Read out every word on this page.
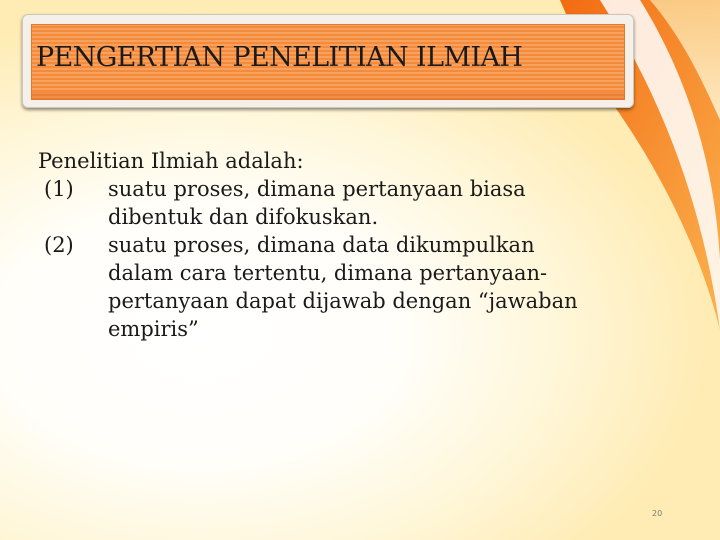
PENGERTIAN PENELITIAN ILMIAH

Penelitian Ilmiah adalah:

(1)	suatu proses, dimana pertanyaan biasa
dibentuk dan difokuskan.
(2)	suatu proses, dimana data dikumpulkan
dalam cara tertentu, dimana pertanyaan-
pertanyaan dapat dijawab dengan “jawaban
empiris”
20
